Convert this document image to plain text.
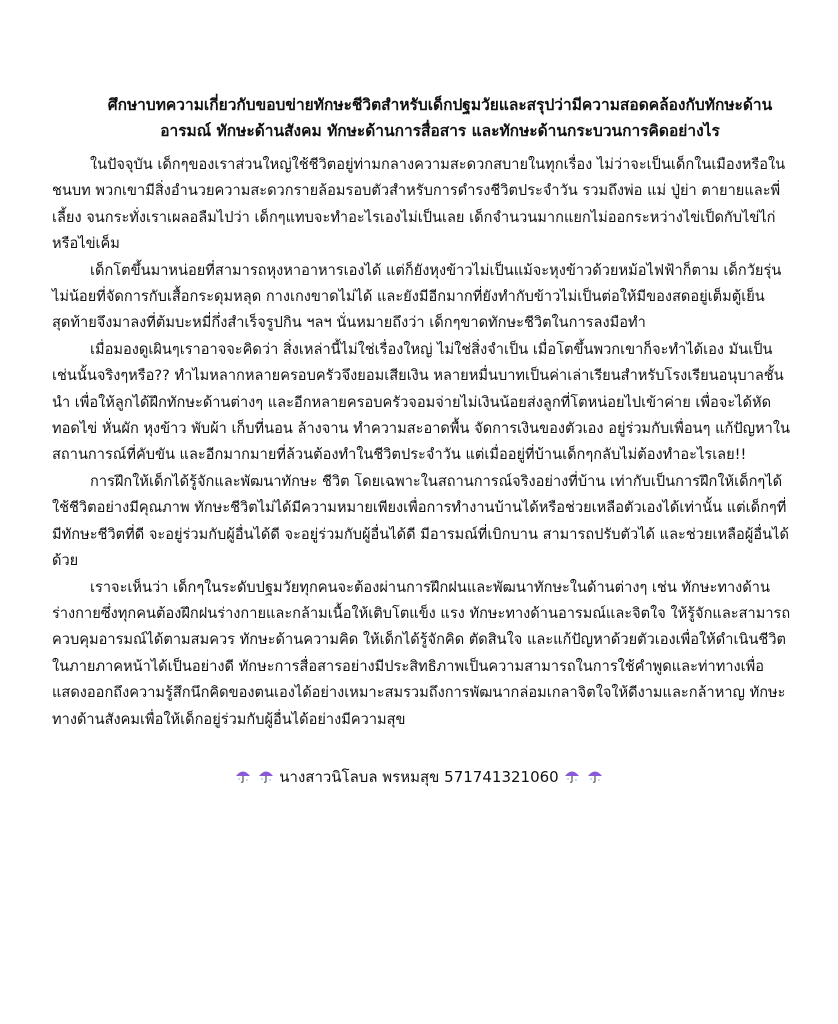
ศึกษาบทความเกี่ยวกับขอบข่ายทักษะชีวิตสำหรับเด็กปฐมวัยและสรุปว่ามีความสอดคล้องกับทักษะด้าน
อารมณ์ ทักษะด้านสังคม ทักษะด้านการสื่อสาร และทักษะด้านกระบวนการคิดอย่างไร

ในปัจจุบัน เด็กๆของเราส่วนใหญ่ใช้ชีวิตอยู่ท่ามกลางความสะดวกสบายในทุกเรื่อง ไม่ว่าจะเป็นเด็กในเมืองหรือในชนบท พวกเขามีสิ่งอำนวยความสะดวกรายล้อมรอบตัวสำหรับการดำรงชีวิตประจำวัน รวมถึงพ่อ แม่ ปู่ย่า ตายายและพี่เลี้ยง จนกระทั่งเราเผลอลืมไปว่า เด็กๆแทบจะทำอะไรเองไม่เป็นเลย เด็กจำนวนมากแยกไม่ออกระหว่างไข่เป็ดกับไข่ไก่ หรือไข่เค็ม

เด็กโตขึ้นมาหน่อยที่สามารถหุงหาอาหารเองได้ แต่ก็ยังหุงข้าวไม่เป็นแม้จะหุงข้าวด้วยหม้อไฟฟ้าก็ตาม เด็กวัยรุ่นไม่น้อยที่จัดการกับเสื้อกระดุมหลุด กางเกงขาดไม่ได้ และยังมีอีกมากที่ยังทำกับข้าวไม่เป็นต่อให้มีของสดอยู่เต็มตู้เย็น สุดท้ายจึงมาลงที่ต้มบะหมี่กึ่งสำเร็จรูปกิน ฯลฯ นั่นหมายถึงว่า เด็กๆขาดทักษะชีวิตในการลงมือทำ

เมื่อมองดูเผินๆเราอาจจะคิดว่า สิ่งเหล่านี้ไม่ใช่เรื่องใหญ่ ไม่ใช่สิ่งจำเป็น เมื่อโตขึ้นพวกเขาก็จะทำได้เอง มันเป็นเช่นนั้นจริงๆหรือ?? ทำไมหลากหลายครอบครัวจึงยอมเสียเงิน หลายหมื่นบาทเป็นค่าเล่าเรียนสำหรับโรงเรียนอนุบาลชั้นนำ เพื่อให้ลูกได้ฝึกทักษะด้านต่างๆ และอีกหลายครอบครัวจอมจ่ายไม่เงินน้อยส่งลูกที่โตหน่อยไปเข้าค่าย เพื่อจะได้หัดทอดไข่ หั่นผัก หุงข้าว พับผ้า เก็บที่นอน ล้างจาน ทำความสะอาดพื้น จัดการเงินของตัวเอง อยู่ร่วมกับเพื่อนๆ แก้ปัญหาในสถานการณ์ที่คับขัน และอีกมากมายที่ล้วนต้องทำในชีวิตประจำวัน แต่เมื่ออยู่ที่บ้านเด็กๆกลับไม่ต้องทำอะไรเลย!!

การฝึกให้เด็กได้รู้จักและพัฒนาทักษะ ชีวิต โดยเฉพาะในสถานการณ์จริงอย่างที่บ้าน เท่ากับเป็นการฝึกให้เด็กๆได้ใช้ชีวิตอย่างมีคุณภาพ ทักษะชีวิตไม่ได้มีความหมายเพียงเพื่อการทำงานบ้านได้หรือช่วยเหลือตัวเองได้เท่านั้น แต่เด็กๆที่มีทักษะชีวิตที่ดี จะอยู่ร่วมกับผู้อื่นได้ดี จะอยู่ร่วมกับผู้อื่นได้ดี มีอารมณ์ที่เบิกบาน สามารถปรับตัวได้ และช่วยเหลือผู้อื่นได้ด้วย

เราจะเห็นว่า เด็กๆในระดับปฐมวัยทุกคนจะต้องผ่านการฝึกฝนและพัฒนาทักษะในด้านต่างๆ เช่น ทักษะทางด้านร่างกายซึ่งทุกคนต้องฝึกฝนร่างกายและกล้ามเนื้อให้เติบโตแข็ง แรง ทักษะทางด้านอารมณ์และจิตใจ ให้รู้จักและสามารถควบคุมอารมณ์ได้ตามสมควร ทักษะด้านความคิด ให้เด็กได้รู้จักคิด ตัดสินใจ และแก้ปัญหาด้วยตัวเองเพื่อให้ดำเนินชีวิตในภายภาคหน้าได้เป็นอย่างดี ทักษะการสื่อสารอย่างมีประสิทธิภาพเป็นความสามารถในการใช้คำพูดและท่าทางเพื่อแสดงออกถึงความรู้สึกนึกคิดของตนเองได้อย่างเหมาะสมรวมถึงการพัฒนากล่อมเกลาจิตใจให้ดีงามและกล้าหาญ ทักษะทางด้านสังคมเพื่อให้เด็กอยู่ร่วมกับผู้อื่นได้อย่างมีความสุข

นางสาวนิโลบล พรหมสุข 571741321060
